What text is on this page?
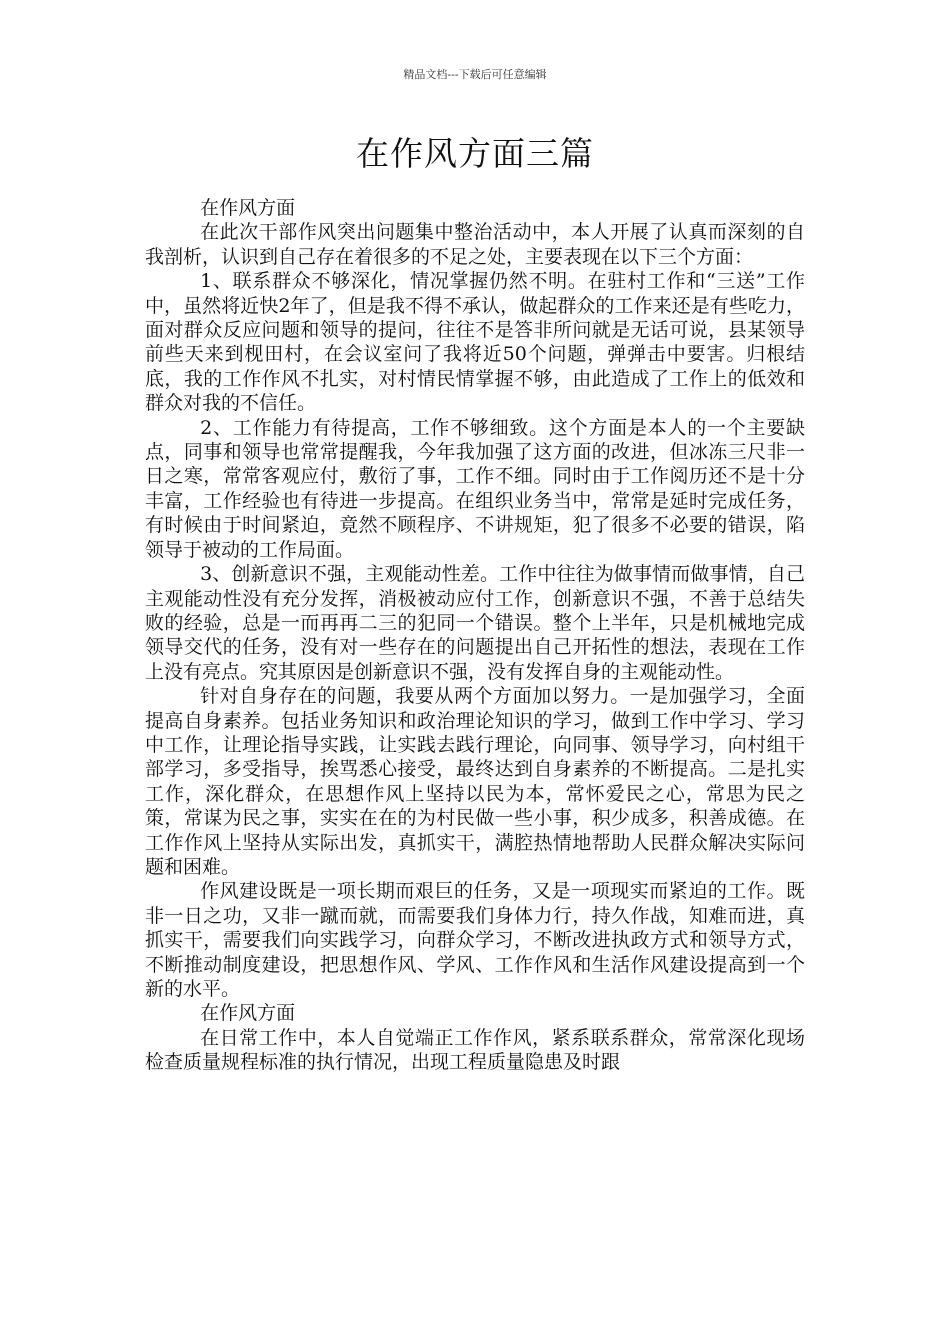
精品文档---下载后可任意编辑
在作风方面三篇

在作风方面

在此次干部作风突出问题集中整治活动中，本人开展了认真而深刻的自我剖析，认识到自己存在着很多的不足之处，主要表现在以下三个方面：

1、联系群众不够深化，情况掌握仍然不明。在驻村工作和“三送”工作中，虽然将近快2年了，但是我不得不承认，做起群众的工作来还是有些吃力，面对群众反应问题和领导的提问，往往不是答非所问就是无话可说，县某领导前些天来到枧田村，在会议室问了我将近50个问题，弹弹击中要害。归根结底，我的工作作风不扎实，对村情民情掌握不够，由此造成了工作上的低效和群众对我的不信任。

2、工作能力有待提高，工作不够细致。这个方面是本人的一个主要缺点，同事和领导也常常提醒我，今年我加强了这方面的改进，但冰冻三尺非一日之寒，常常客观应付，敷衍了事，工作不细。同时由于工作阅历还不是十分丰富，工作经验也有待进一步提高。在组织业务当中，常常是延时完成任务，有时候由于时间紧迫，竟然不顾程序、不讲规矩，犯了很多不必要的错误，陷领导于被动的工作局面。

3、创新意识不强，主观能动性差。工作中往往为做事情而做事情，自己主观能动性没有充分发挥，消极被动应付工作，创新意识不强，不善于总结失败的经验，总是一而再再二三的犯同一个错误。整个上半年，只是机械地完成领导交代的任务，没有对一些存在的问题提出自己开拓性的想法，表现在工作上没有亮点。究其原因是创新意识不强，没有发挥自身的主观能动性。

针对自身存在的问题，我要从两个方面加以努力。一是加强学习，全面提高自身素养。包括业务知识和政治理论知识的学习，做到工作中学习、学习中工作，让理论指导实践，让实践去践行理论，向同事、领导学习，向村组干部学习，多受指导，挨骂悉心接受，最终达到自身素养的不断提高。二是扎实工作，深化群众，在思想作风上坚持以民为本，常怀爱民之心，常思为民之策，常谋为民之事，实实在在的为村民做一些小事，积少成多，积善成德。在工作作风上坚持从实际出发，真抓实干，满腔热情地帮助人民群众解决实际问题和困难。

作风建设既是一项长期而艰巨的任务，又是一项现实而紧迫的工作。既非一日之功，又非一蹴而就，而需要我们身体力行，持久作战，知难而进，真抓实干，需要我们向实践学习，向群众学习，不断改进执政方式和领导方式，不断推动制度建设，把思想作风、学风、工作作风和生活作风建设提高到一个新的水平。

在作风方面

在日常工作中，本人自觉端正工作作风，紧系联系群众，常常深化现场检查质量规程标准的执行情况，出现工程质量隐患及时跟
